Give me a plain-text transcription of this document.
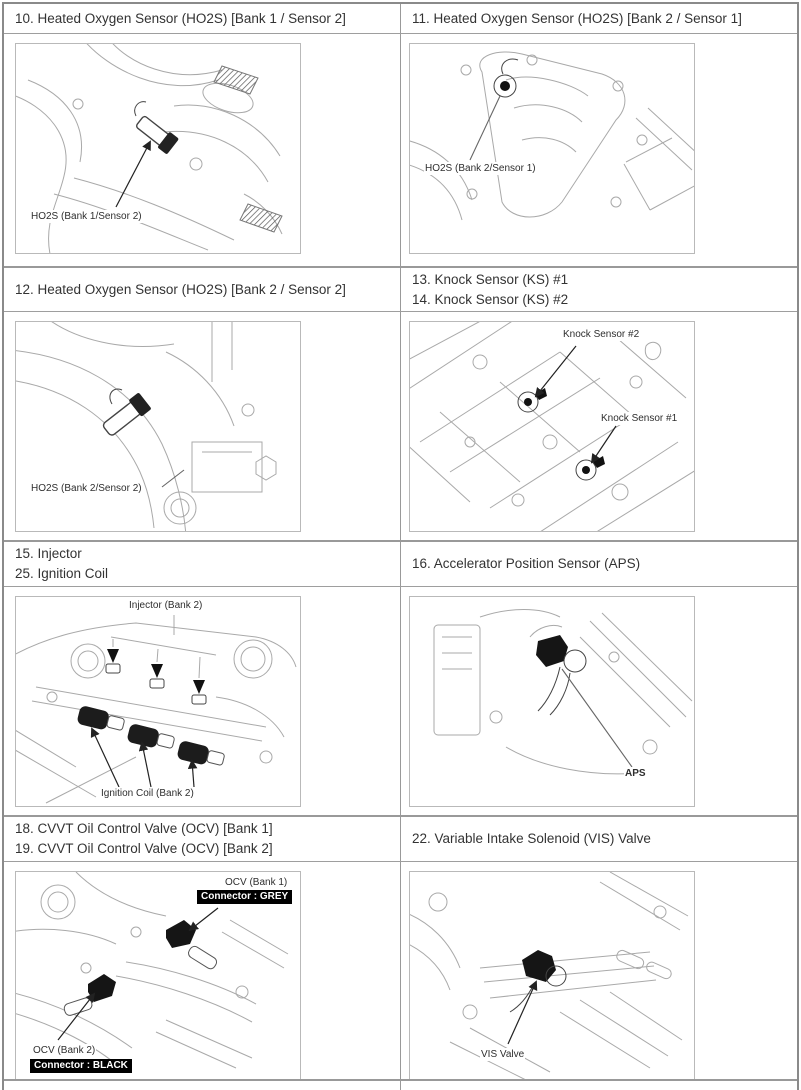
10. Heated Oxygen Sensor (HO2S) [Bank 1 / Sensor 2]	11. Heated Oxygen Sensor (HO2S) [Bank 2 / Sensor 1]
HO2S (Bank 1/Sensor 2)
HO2S (Bank 2/Sensor 1)
12. Heated Oxygen Sensor (HO2S) [Bank 2 / Sensor 2]
13. Knock Sensor (KS) #1
14. Knock Sensor (KS) #2
HO2S (Bank 2/Sensor 2)
Knock Sensor #2
Knock Sensor #1
15. Injector
25. Ignition Coil
16. Accelerator Position Sensor (APS)
Injector (Bank 2)
Ignition Coil (Bank 2)
APS
18. CVVT Oil Control Valve (OCV) [Bank 1]
19. CVVT Oil Control Valve (OCV) [Bank 2]
22. Variable Intake Solenoid (VIS) Valve
OCV (Bank 1)
Connector : GREY
OCV (Bank 2)
Connector : BLACK
VIS Valve
